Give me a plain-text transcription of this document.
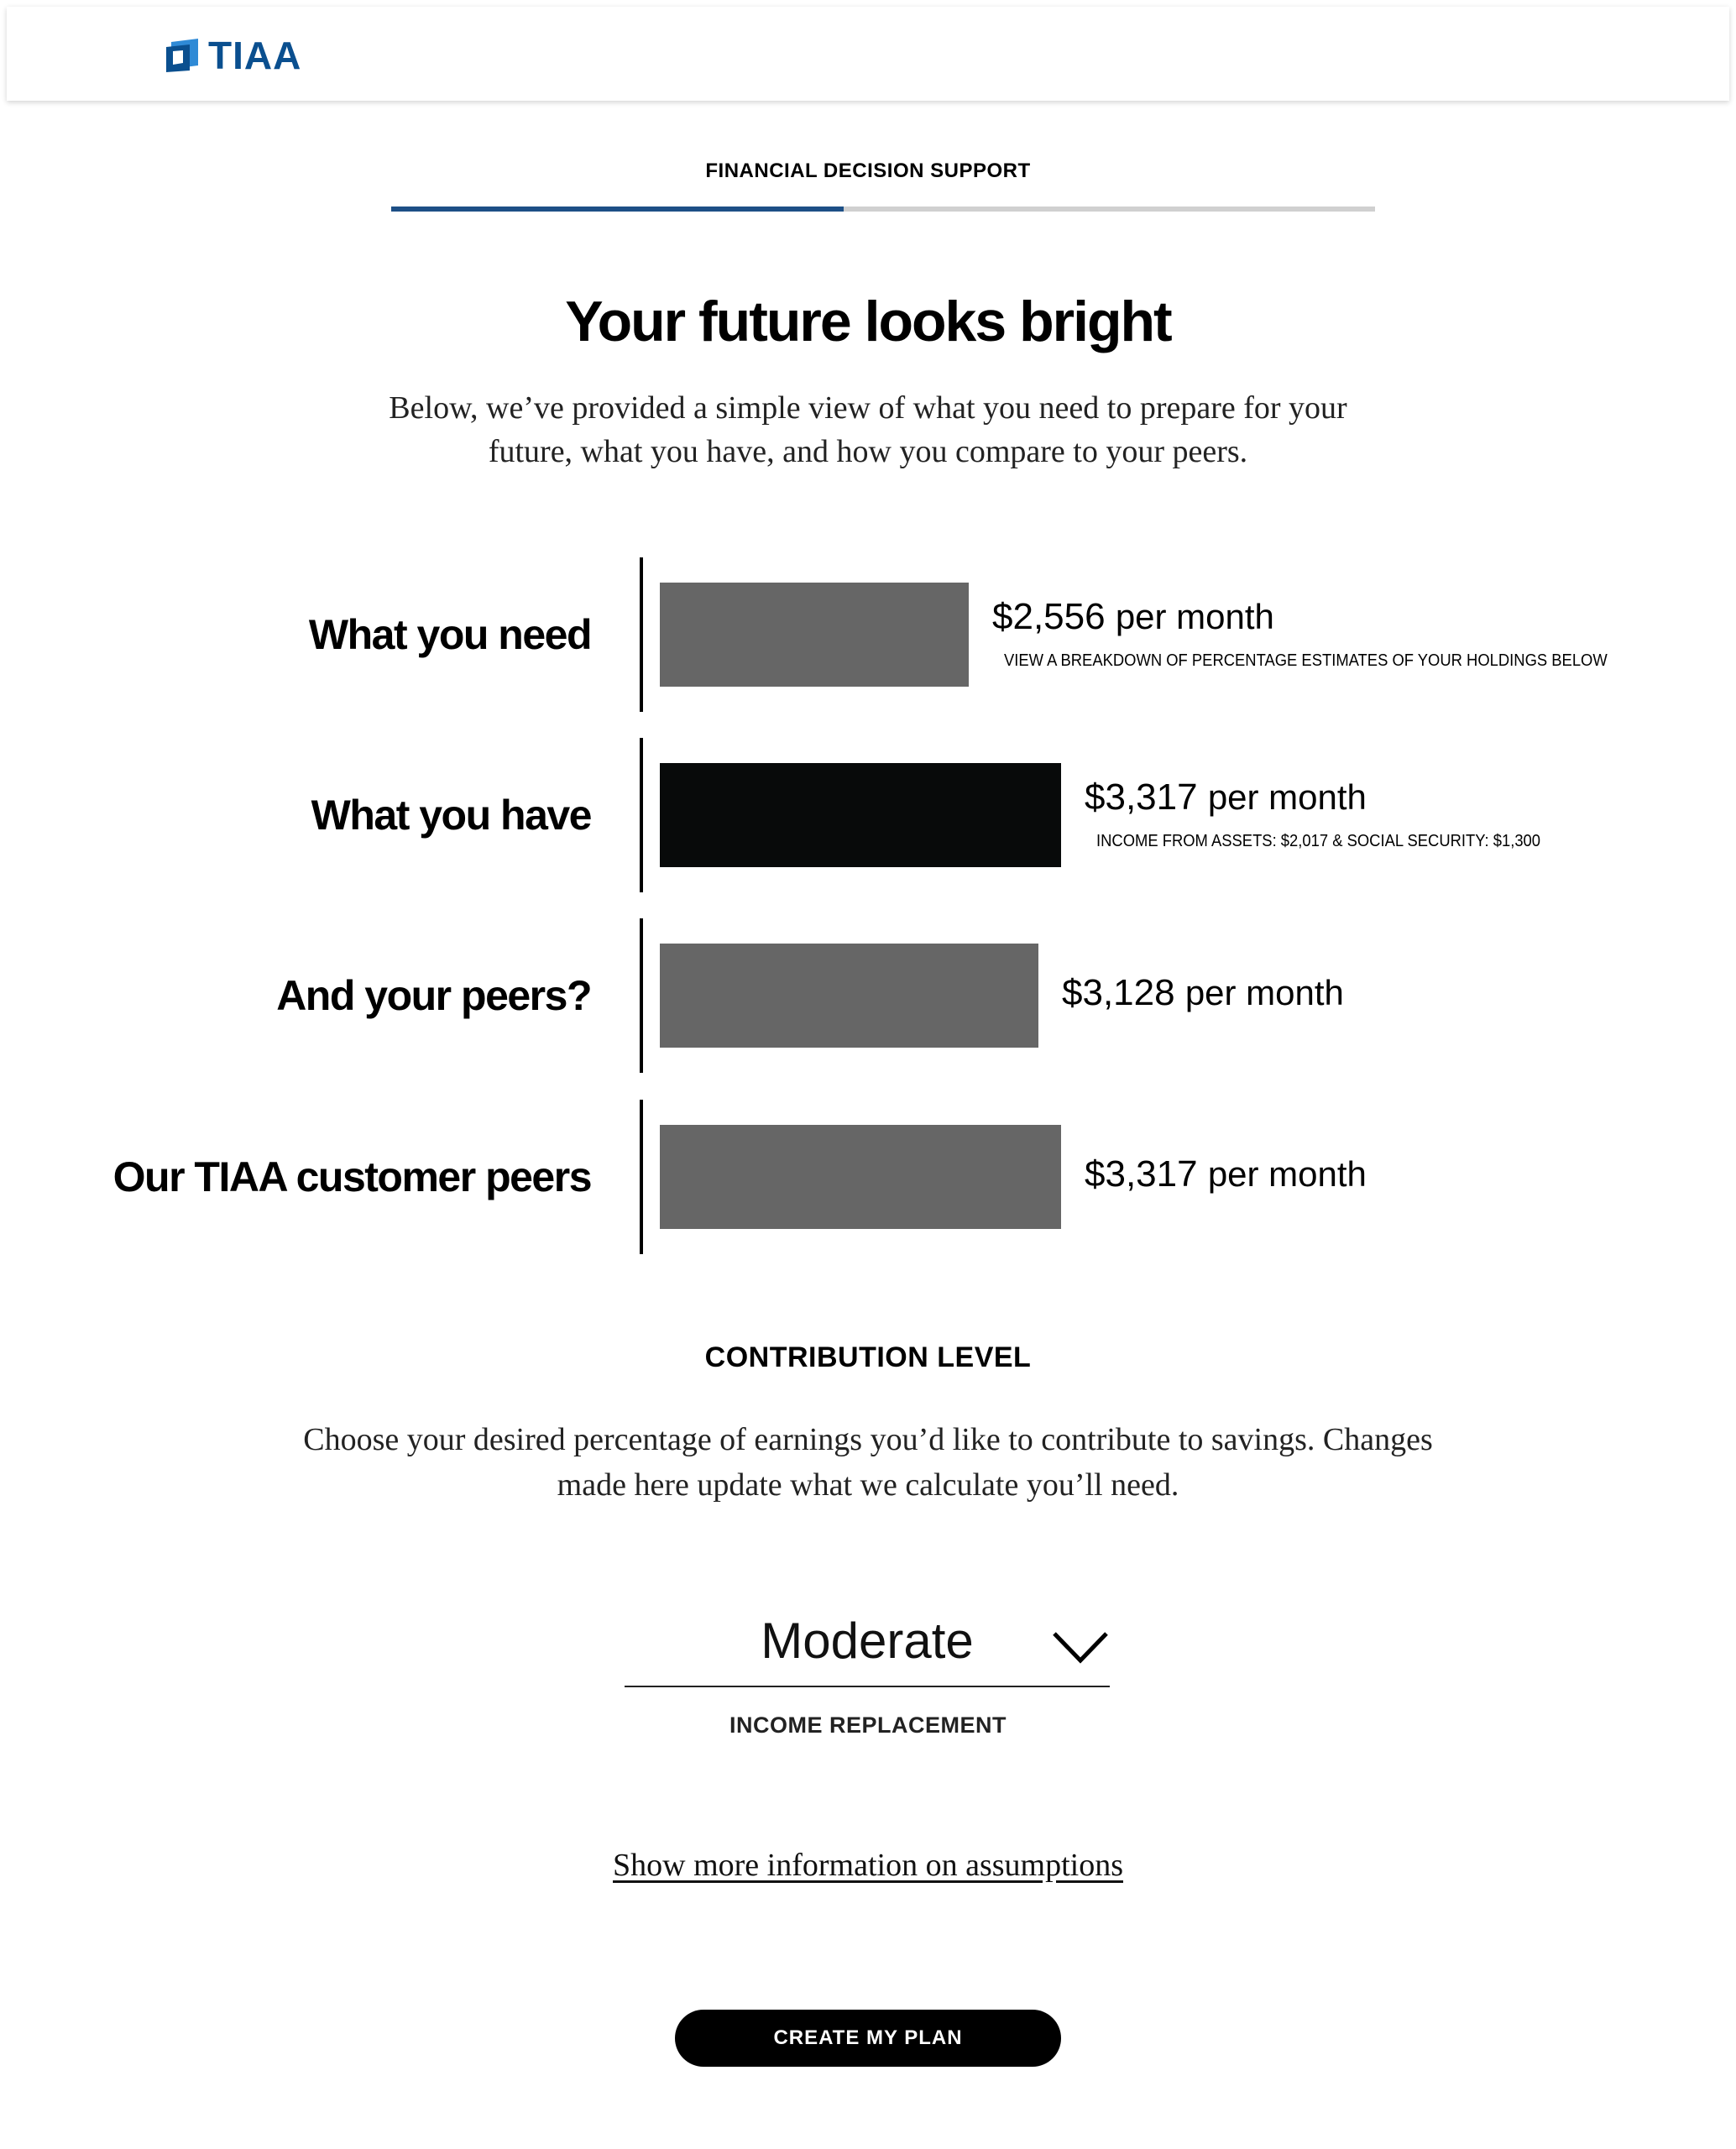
TIAA
FINANCIAL DECISION SUPPORT
Your future looks bright
Below, we’ve provided a simple view of what you need to prepare for your future, what you have, and how you compare to your peers.
What you need	$2,556 per month
VIEW A BREAKDOWN OF PERCENTAGE ESTIMATES OF YOUR HOLDINGS BELOW
What you have	$3,317 per month
INCOME FROM ASSETS: $2,017 & SOCIAL SECURITY: $1,300
And your peers?	$3,128 per month
Our TIAA customer peers	$3,317 per month
CONTRIBUTION LEVEL
Choose your desired percentage of earnings you’d like to contribute to savings. Changes made here update what we calculate you’ll need.
Moderate
INCOME REPLACEMENT
Show more information on assumptions
CREATE MY PLAN
